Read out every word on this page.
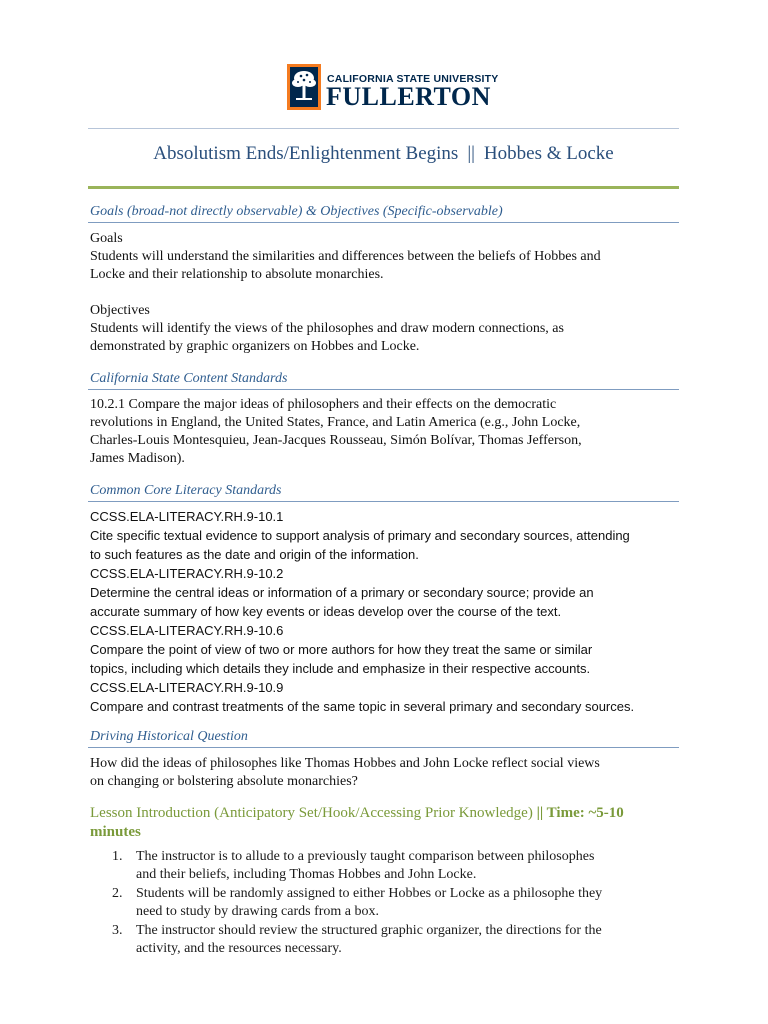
CALIFORNIA STATE UNIVERSITY
FULLERTON
Absolutism Ends/Enlightenment Begins || Hobbes & Locke
Goals (broad-not directly observable) & Objectives (Specific-observable)

Goals

Students will understand the similarities and differences between the beliefs of Hobbes and

Locke and their relationship to absolute monarchies.

Objectives

Students will identify the views of the philosophes and draw modern connections, as

demonstrated by graphic organizers on Hobbes and Locke.

California State Content Standards

10.2.1 Compare the major ideas of philosophers and their effects on the democratic

revolutions in England, the United States, France, and Latin America (e.g., John Locke,

Charles-Louis Montesquieu, Jean-Jacques Rousseau, Simón Bolívar, Thomas Jefferson,

James Madison).

Common Core Literacy Standards

CCSS.ELA-LITERACY.RH.9-10.1

Cite specific textual evidence to support analysis of primary and secondary sources, attending

to such features as the date and origin of the information.

CCSS.ELA-LITERACY.RH.9-10.2

Determine the central ideas or information of a primary or secondary source; provide an

accurate summary of how key events or ideas develop over the course of the text.

CCSS.ELA-LITERACY.RH.9-10.6

Compare the point of view of two or more authors for how they treat the same or similar

topics, including which details they include and emphasize in their respective accounts.

CCSS.ELA-LITERACY.RH.9-10.9

Compare and contrast treatments of the same topic in several primary and secondary sources.

Driving Historical Question

How did the ideas of philosophes like Thomas Hobbes and John Locke reflect social views

on changing or bolstering absolute monarchies?

Lesson Introduction (Anticipatory Set/Hook/Accessing Prior Knowledge) || Time: ~5-10
minutes
1. The instructor is to allude to a previously taught comparison between philosophes

and their beliefs, including Thomas Hobbes and John Locke.

2. Students will be randomly assigned to either Hobbes or Locke as a philosophe they

need to study by drawing cards from a box.

3. The instructor should review the structured graphic organizer, the directions for the

activity, and the resources necessary.
